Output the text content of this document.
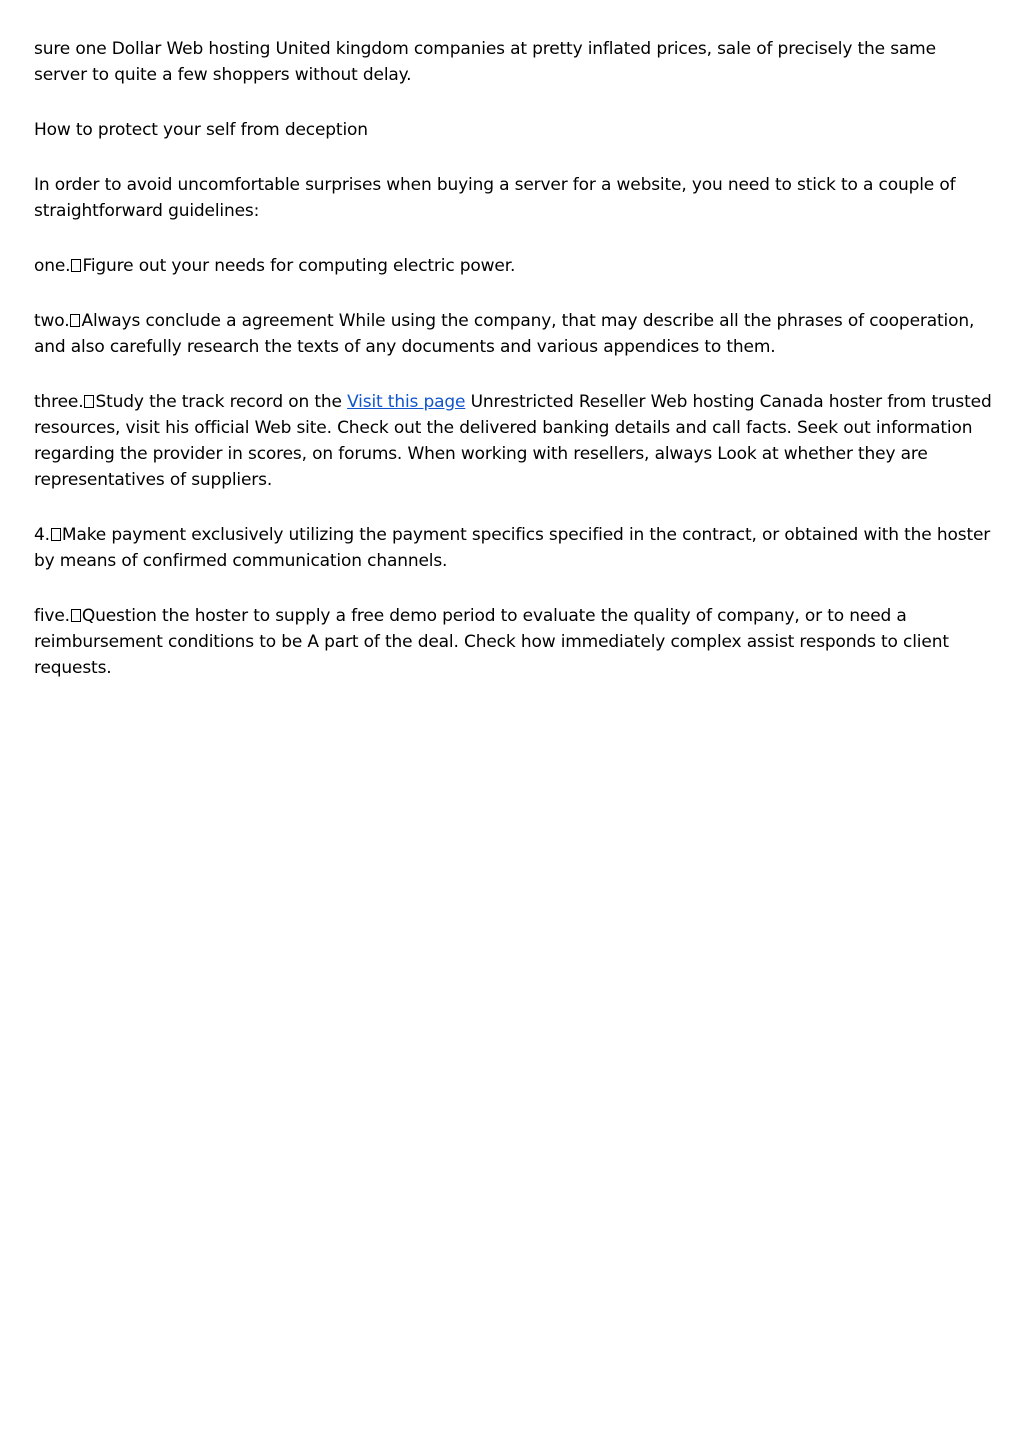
sure one Dollar Web hosting United kingdom companies at pretty inflated prices, sale of precisely the same server to quite a few shoppers without delay.

How to protect your self from deception

In order to avoid uncomfortable surprises when buying a server for a website, you need to stick to a couple of straightforward guidelines:

one. Figure out your needs for computing electric power.

two. Always conclude a agreement While using the company, that may describe all the phrases of cooperation, and also carefully research the texts of any documents and various appendices to them.

three. Study the track record on the Visit this page Unrestricted Reseller Web hosting Canada hoster from trusted resources, visit his official Web site. Check out the delivered banking details and call facts. Seek out information regarding the provider in scores, on forums. When working with resellers, always Look at whether they are representatives of suppliers.

4. Make payment exclusively utilizing the payment specifics specified in the contract, or obtained with the hoster by means of confirmed communication channels.

five. Question the hoster to supply a free demo period to evaluate the quality of company, or to need a reimbursement conditions to be A part of the deal. Check how immediately complex assist responds to client requests.
